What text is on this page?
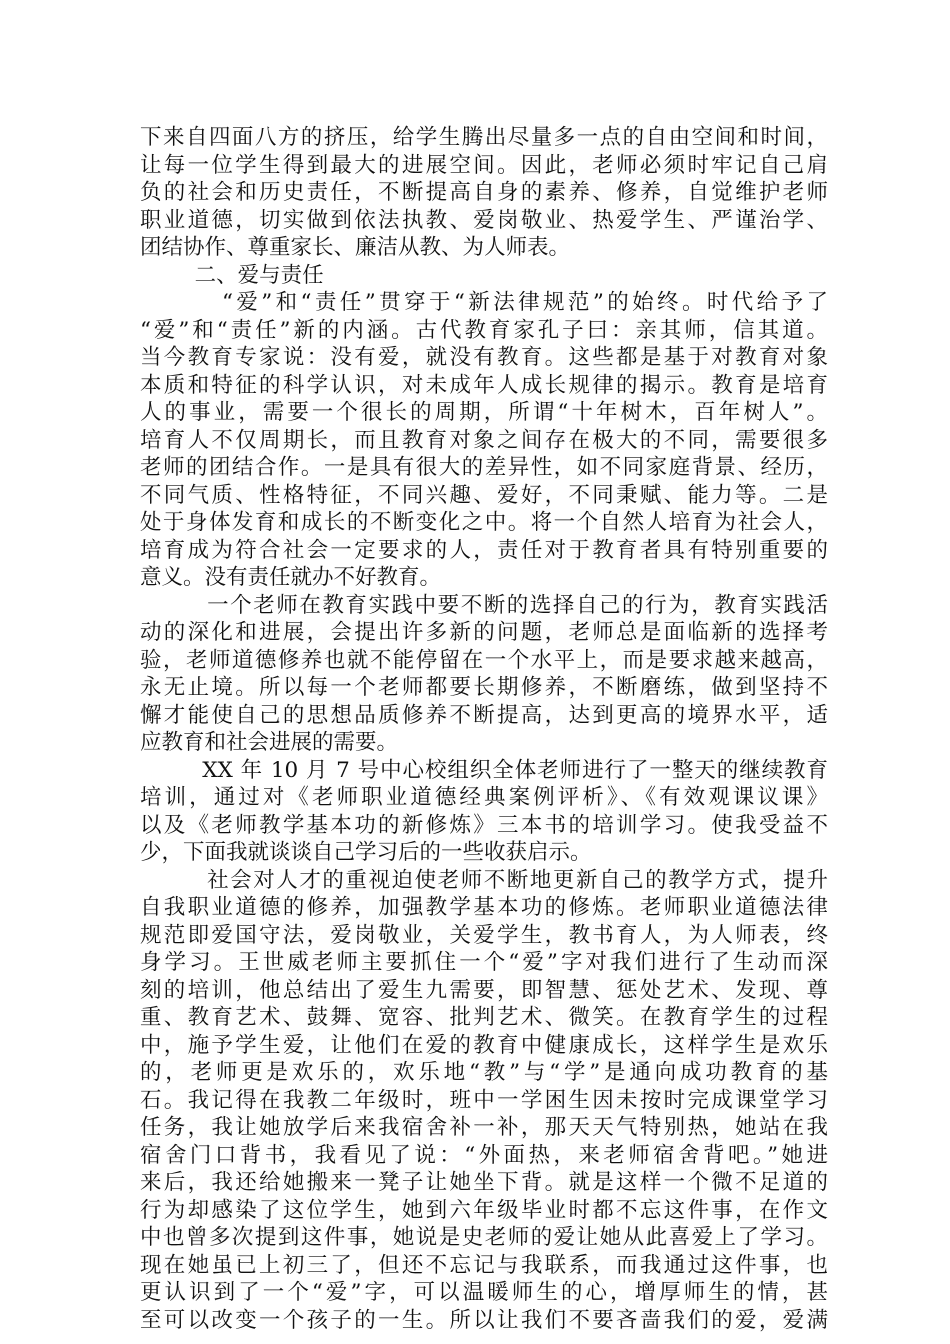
下来自四面八方的挤压，给学生腾出尽量多一点的自由空间和时间，
让每一位学生得到最大的进展空间。因此，老师必须时牢记自己肩
负的社会和历史责任，不断提高自身的素养、修养，自觉维护老师
职业道德，切实做到依法执教、爱岗敬业、热爱学生、严谨治学、
团结协作、尊重家长、廉洁从教、为人师表。
二、爱与责任
“爱”和“责任”贯穿于“新法律规范”的始终。时代给予了
“爱”和“责任”新的内涵。古代教育家孔子曰：亲其师，信其道。
当今教育专家说：没有爱，就没有教育。这些都是基于对教育对象
本质和特征的科学认识，对未成年人成长规律的揭示。教育是培育
人的事业，需要一个很长的周期，所谓“十年树木，百年树人”。
培育人不仅周期长，而且教育对象之间存在极大的不同，需要很多
老师的团结合作。一是具有很大的差异性，如不同家庭背景、经历，
不同气质、性格特征，不同兴趣、爱好，不同秉赋、能力等。二是
处于身体发育和成长的不断变化之中。将一个自然人培育为社会人，
培育成为符合社会一定要求的人，责任对于教育者具有特别重要的
意义。没有责任就办不好教育。
一个老师在教育实践中要不断的选择自己的行为，教育实践活
动的深化和进展，会提出许多新的问题，老师总是面临新的选择考
验，老师道德修养也就不能停留在一个水平上，而是要求越来越高，
永无止境。所以每一个老师都要长期修养，不断磨练，做到坚持不
懈才能使自己的思想品质修养不断提高，达到更高的境界水平，适
应教育和社会进展的需要。
XX 年 10 月 7 号中心校组织全体老师进行了一整天的继续教育
培训，通过对《老师职业道德经典案例评析》、《有效观课议课》
以及《老师教学基本功的新修炼》三本书的培训学习。使我受益不
少，下面我就谈谈自己学习后的一些收获启示。
社会对人才的重视迫使老师不断地更新自己的教学方式，提升
自我职业道德的修养，加强教学基本功的修炼。老师职业道德法律
规范即爱国守法，爱岗敬业，关爱学生，教书育人，为人师表，终
身学习。王世威老师主要抓住一个“爱”字对我们进行了生动而深
刻的培训，他总结出了爱生九需要，即智慧、惩处艺术、发现、尊
重、教育艺术、鼓舞、宽容、批判艺术、微笑。在教育学生的过程
中，施予学生爱，让他们在爱的教育中健康成长，这样学生是欢乐
的，老师更是欢乐的，欢乐地“教”与“学”是通向成功教育的基
石。我记得在我教二年级时，班中一学困生因未按时完成课堂学习
任务，我让她放学后来我宿舍补一补，那天天气特别热，她站在我
宿舍门口背书，我看见了说：“外面热，来老师宿舍背吧。”她进
来后，我还给她搬来一凳子让她坐下背。就是这样一个微不足道的
行为却感染了这位学生，她到六年级毕业时都不忘这件事，在作文
中也曾多次提到这件事，她说是史老师的爱让她从此喜爱上了学习。
现在她虽已上初三了，但还不忘记与我联系，而我通过这件事，也
更认识到了一个“爱”字，可以温暖师生的心，增厚师生的情，甚
至可以改变一个孩子的一生。所以让我们不要吝啬我们的爱，爱满
